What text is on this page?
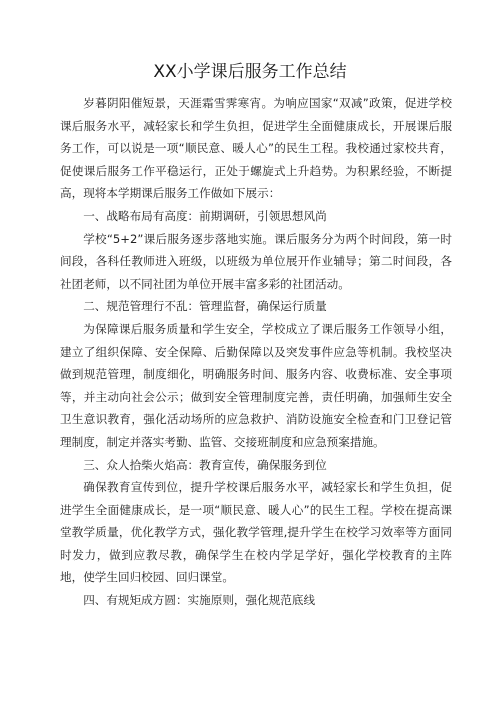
XX小学课后服务工作总结

岁暮阴阳催短景，天涯霜雪霁寒宵。为响应国家“双减”政策，促进学校课后服务水平，减轻家长和学生负担，促进学生全面健康成长，开展课后服务工作，可以说是一项“顺民意、暖人心”的民生工程。我校通过家校共育，促使课后服务工作平稳运行，正处于螺旋式上升趋势。为积累经验，不断提高，现将本学期课后服务工作做如下展示：

一、战略布局有高度：前期调研，引领思想风尚

学校“5+2”课后服务逐步落地实施。课后服务分为两个时间段，第一时间段，各科任教师进入班级，以班级为单位展开作业辅导；第二时间段，各社团老师，以不同社团为单位开展丰富多彩的社团活动。

二、规范管理行不乱：管理监督，确保运行质量

为保障课后服务质量和学生安全，学校成立了课后服务工作领导小组，建立了组织保障、安全保障、后勤保障以及突发事件应急等机制。我校坚决做到规范管理，制度细化，明确服务时间、服务内容、收费标准、安全事项等，并主动向社会公示；做到安全管理制度完善，责任明确，加强师生安全卫生意识教育，强化活动场所的应急救护、消防设施安全检查和门卫登记管理制度，制定并落实考勤、监管、交接班制度和应急预案措施。

三、众人拾柴火焰高：教育宣传，确保服务到位

确保教育宣传到位，提升学校课后服务水平，减轻家长和学生负担，促进学生全面健康成长，是一项“顺民意、暖人心”的民生工程。学校在提高课堂教学质量，优化教学方式，强化教学管理,提升学生在校学习效率等方面同时发力，做到应教尽教，确保学生在校内学足学好，强化学校教育的主阵地，使学生回归校园、回归课堂。

四、有规矩成方圆：实施原则，强化规范底线
